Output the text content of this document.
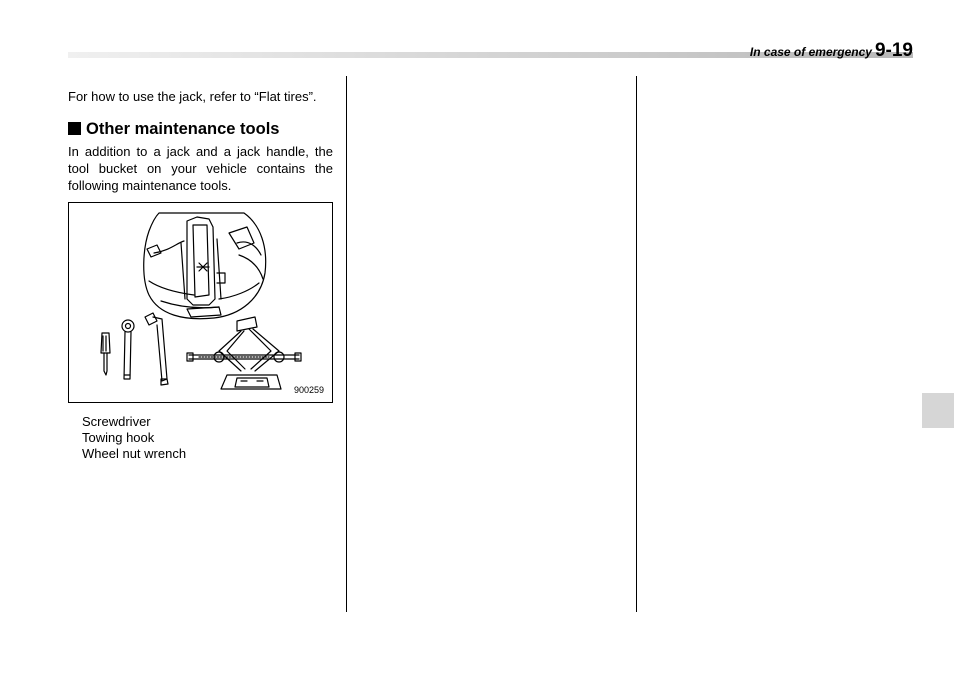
In case of emergency 9-19

For how to use the jack, refer to “Flat tires”.

Other maintenance tools

In addition to a jack and a jack handle, the tool bucket on your vehicle contains the following maintenance tools.

900259
Screwdriver
Towing hook
Wheel nut wrench
